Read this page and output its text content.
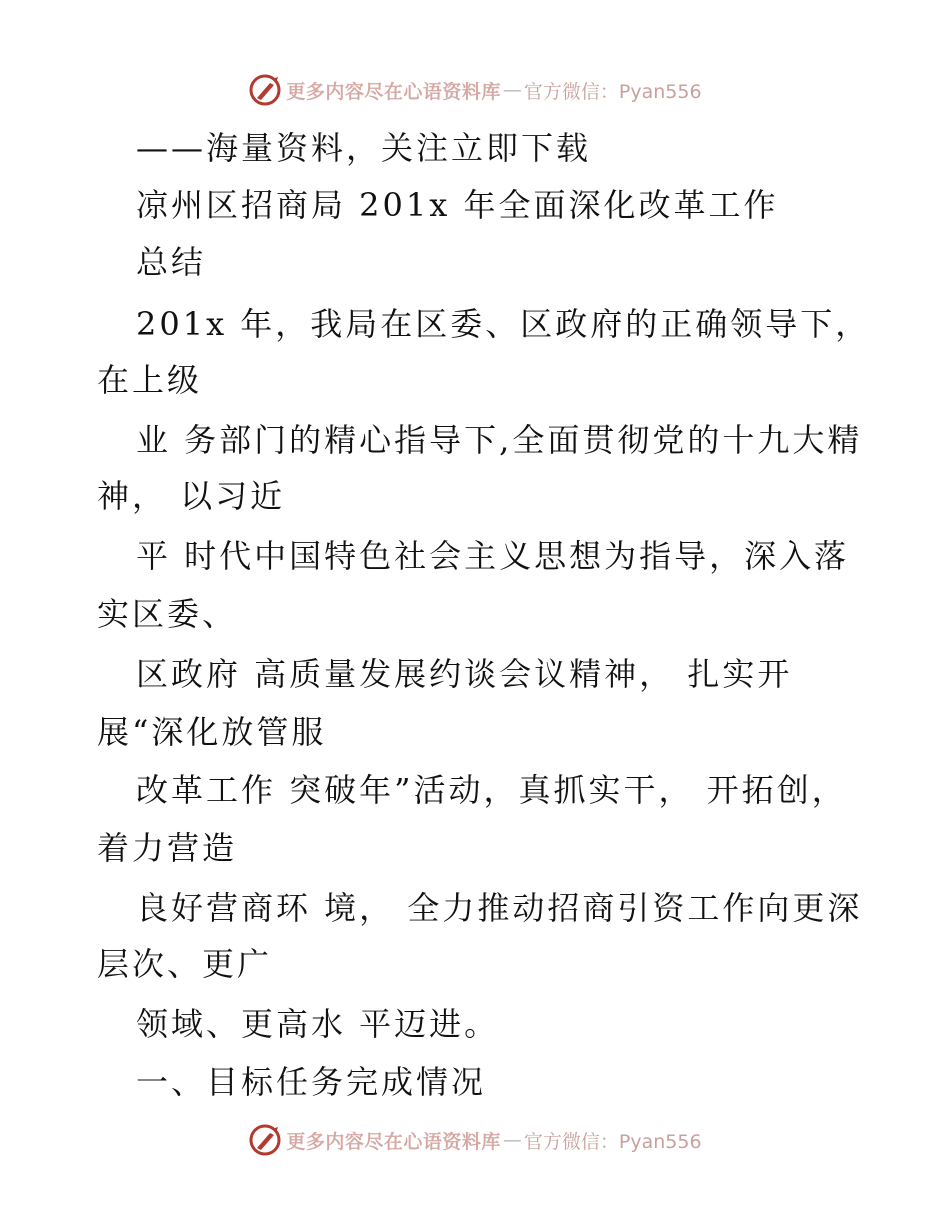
更多内容尽在心语资料库 — 官方微信：Pyan556
——海量资料，关注立即下载
凉州区招商局 201x 年全面深化改革工作
总结
201x 年，我局在区委、区政府的正确领导下，
在上级
业 务部门的精心指导下,全面贯彻党的十九大精
神， 以习近
平 时代中国特色社会主义思想为指导，深入落
实区委、
区政府 高质量发展约谈会议精神， 扎实开
展“深化放管服
改革工作 突破年”活动，真抓实干， 开拓创，
着力营造
良好营商环 境， 全力推动招商引资工作向更深
层次、更广
领域、更高水 平迈进。
一、目标任务完成情况
更多内容尽在心语资料库 — 官方微信：Pyan556
